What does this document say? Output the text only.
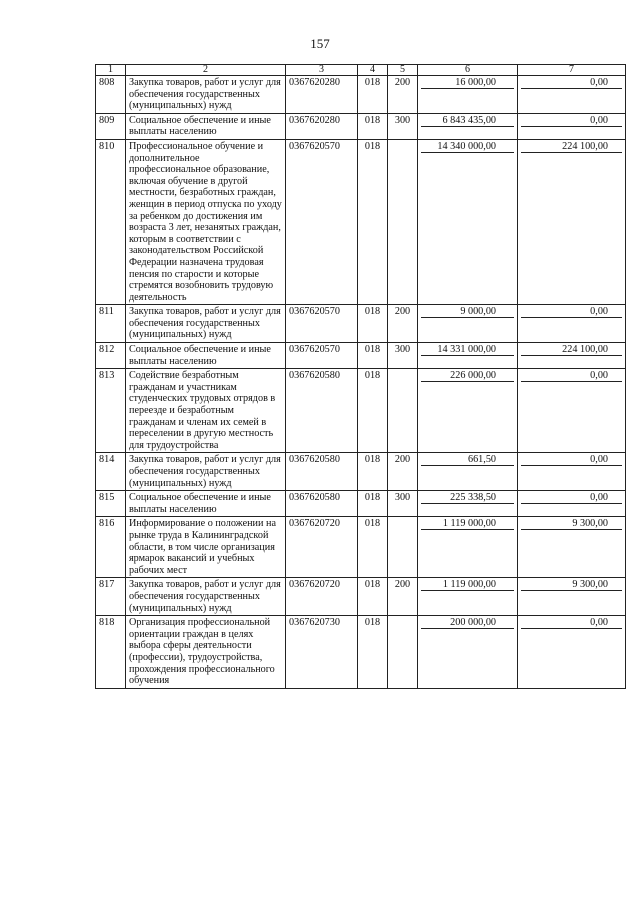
157
1	2	3	4	5	6	7
808	Закупка товаров, работ и услуг для обеспечения государственных (муниципальных) нужд	0367620280	018	200	16 000,00	0,00

809	Социальное обеспечение и иные выплаты населению	0367620280	018	300	6 843 435,00	0,00

810	Профессиональное обучение и дополнительное профессиональное образование, включая обучение в другой местности, безработных граждан, женщин в период отпуска по уходу за ребенком до достижения им возраста 3 лет, незанятых граждан, которым в соответствии с законодательством Российской Федерации назначена трудовая пенсия по старости и которые стремятся возобновить трудовую деятельность	0367620570	018		14 340 000,00	224 100,00

811	Закупка товаров, работ и услуг для обеспечения государственных (муниципальных) нужд	0367620570	018	200	9 000,00	0,00

812	Социальное обеспечение и иные выплаты населению	0367620570	018	300	14 331 000,00	224 100,00

813	Содействие безработным гражданам и участникам студенческих трудовых отрядов в переезде и безработным гражданам и членам их семей в переселении в другую местность для трудоустройства	0367620580	018		226 000,00	0,00

814	Закупка товаров, работ и услуг для обеспечения государственных (муниципальных) нужд	0367620580	018	200	661,50	0,00

815	Социальное обеспечение и иные выплаты населению	0367620580	018	300	225 338,50	0,00

816	Информирование о положении на рынке труда в Калининградской области, в том числе организация ярмарок вакансий и учебных рабочих мест	0367620720	018		1 119 000,00	9 300,00

817	Закупка товаров, работ и услуг для обеспечения государственных (муниципальных) нужд	0367620720	018	200	1 119 000,00	9 300,00

818	Организация профессиональной ориентации граждан в целях выбора сферы деятельности (профессии), трудоустройства, прохождения профессионального обучения	0367620730	018		200 000,00	0,00
